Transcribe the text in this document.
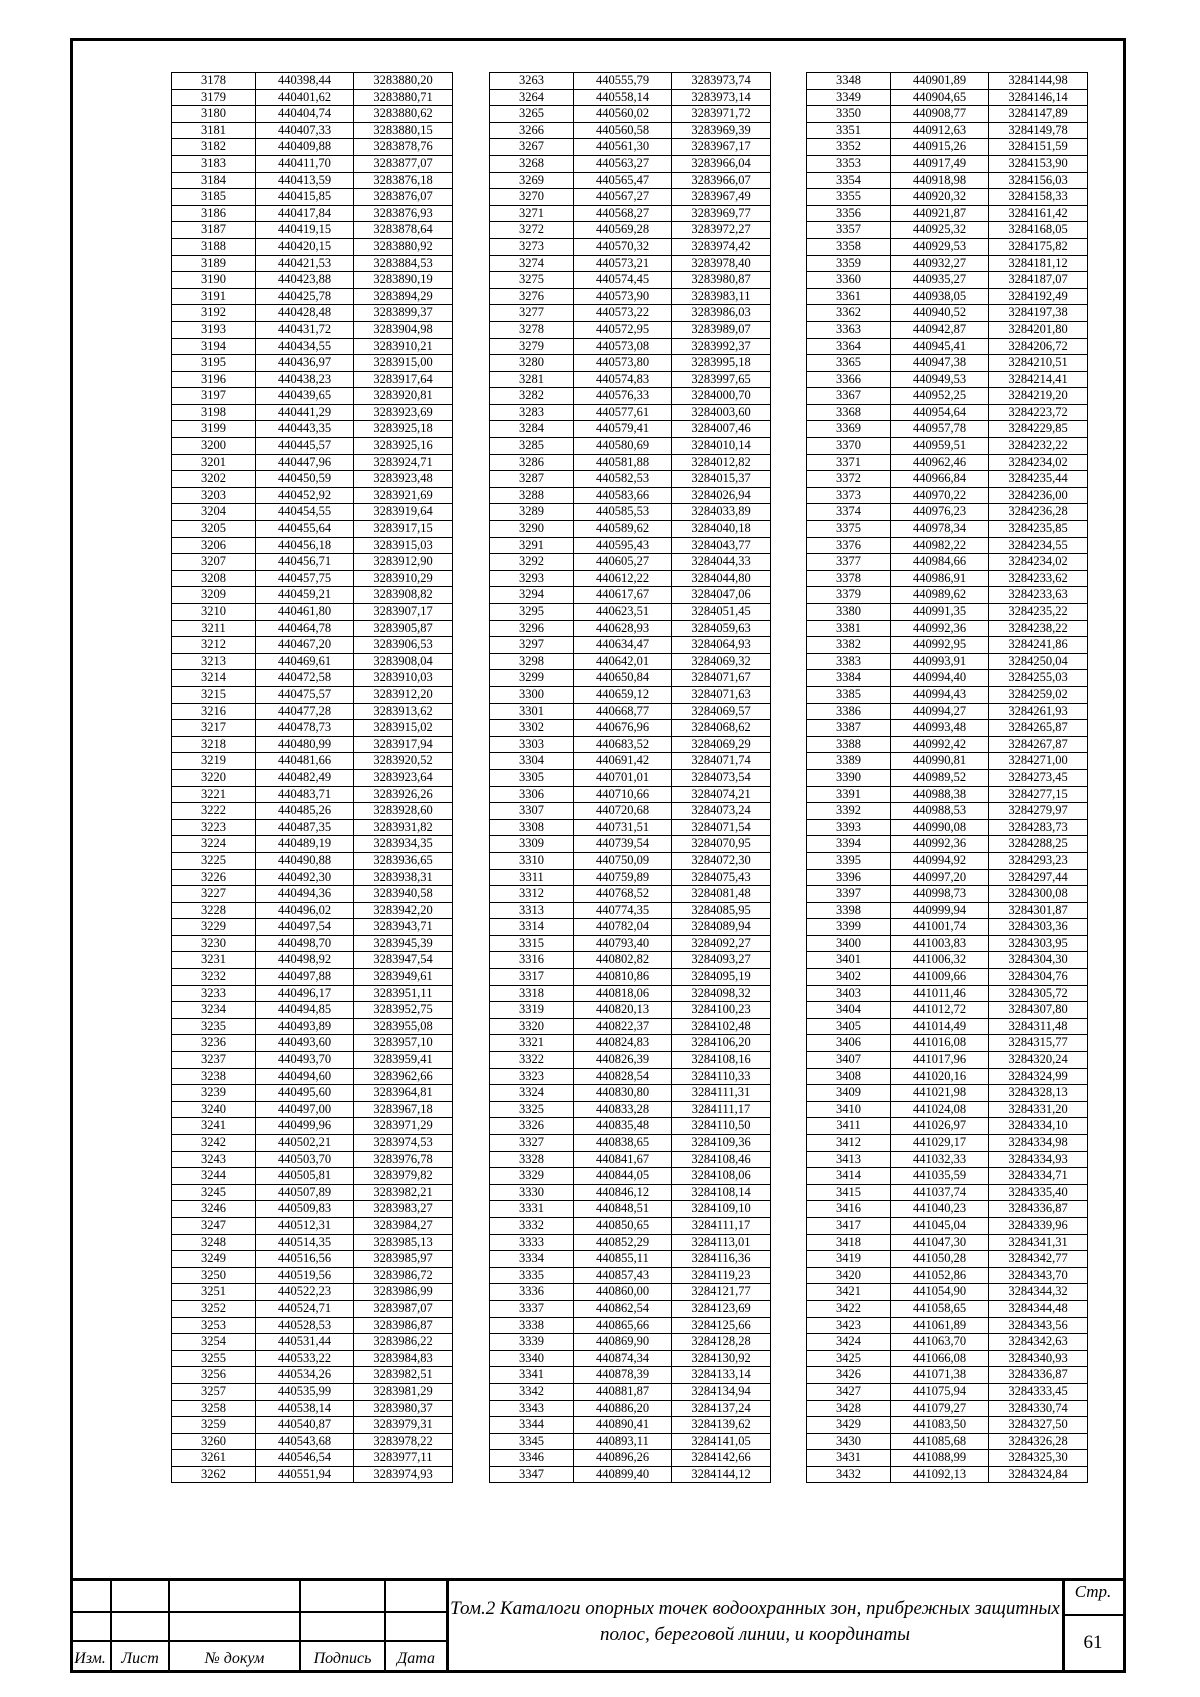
3178	440398,44	3283880,20
3179	440401,62	3283880,71
3180	440404,74	3283880,62
3181	440407,33	3283880,15
3182	440409,88	3283878,76
3183	440411,70	3283877,07
3184	440413,59	3283876,18
3185	440415,85	3283876,07
3186	440417,84	3283876,93
3187	440419,15	3283878,64
3188	440420,15	3283880,92
3189	440421,53	3283884,53
3190	440423,88	3283890,19
3191	440425,78	3283894,29
3192	440428,48	3283899,37
3193	440431,72	3283904,98
3194	440434,55	3283910,21
3195	440436,97	3283915,00
3196	440438,23	3283917,64
3197	440439,65	3283920,81
3198	440441,29	3283923,69
3199	440443,35	3283925,18
3200	440445,57	3283925,16
3201	440447,96	3283924,71
3202	440450,59	3283923,48
3203	440452,92	3283921,69
3204	440454,55	3283919,64
3205	440455,64	3283917,15
3206	440456,18	3283915,03
3207	440456,71	3283912,90
3208	440457,75	3283910,29
3209	440459,21	3283908,82
3210	440461,80	3283907,17
3211	440464,78	3283905,87
3212	440467,20	3283906,53
3213	440469,61	3283908,04
3214	440472,58	3283910,03
3215	440475,57	3283912,20
3216	440477,28	3283913,62
3217	440478,73	3283915,02
3218	440480,99	3283917,94
3219	440481,66	3283920,52
3220	440482,49	3283923,64
3221	440483,71	3283926,26
3222	440485,26	3283928,60
3223	440487,35	3283931,82
3224	440489,19	3283934,35
3225	440490,88	3283936,65
3226	440492,30	3283938,31
3227	440494,36	3283940,58
3228	440496,02	3283942,20
3229	440497,54	3283943,71
3230	440498,70	3283945,39
3231	440498,92	3283947,54
3232	440497,88	3283949,61
3233	440496,17	3283951,11
3234	440494,85	3283952,75
3235	440493,89	3283955,08
3236	440493,60	3283957,10
3237	440493,70	3283959,41
3238	440494,60	3283962,66
3239	440495,60	3283964,81
3240	440497,00	3283967,18
3241	440499,96	3283971,29
3242	440502,21	3283974,53
3243	440503,70	3283976,78
3244	440505,81	3283979,82
3245	440507,89	3283982,21
3246	440509,83	3283983,27
3247	440512,31	3283984,27
3248	440514,35	3283985,13
3249	440516,56	3283985,97
3250	440519,56	3283986,72
3251	440522,23	3283986,99
3252	440524,71	3283987,07
3253	440528,53	3283986,87
3254	440531,44	3283986,22
3255	440533,22	3283984,83
3256	440534,26	3283982,51
3257	440535,99	3283981,29
3258	440538,14	3283980,37
3259	440540,87	3283979,31
3260	440543,68	3283978,22
3261	440546,54	3283977,11
3262	440551,94	3283974,93
3263	440555,79	3283973,74
3264	440558,14	3283973,14
3265	440560,02	3283971,72
3266	440560,58	3283969,39
3267	440561,30	3283967,17
3268	440563,27	3283966,04
3269	440565,47	3283966,07
3270	440567,27	3283967,49
3271	440568,27	3283969,77
3272	440569,28	3283972,27
3273	440570,32	3283974,42
3274	440573,21	3283978,40
3275	440574,45	3283980,87
3276	440573,90	3283983,11
3277	440573,22	3283986,03
3278	440572,95	3283989,07
3279	440573,08	3283992,37
3280	440573,80	3283995,18
3281	440574,83	3283997,65
3282	440576,33	3284000,70
3283	440577,61	3284003,60
3284	440579,41	3284007,46
3285	440580,69	3284010,14
3286	440581,88	3284012,82
3287	440582,53	3284015,37
3288	440583,66	3284026,94
3289	440585,53	3284033,89
3290	440589,62	3284040,18
3291	440595,43	3284043,77
3292	440605,27	3284044,33
3293	440612,22	3284044,80
3294	440617,67	3284047,06
3295	440623,51	3284051,45
3296	440628,93	3284059,63
3297	440634,47	3284064,93
3298	440642,01	3284069,32
3299	440650,84	3284071,67
3300	440659,12	3284071,63
3301	440668,77	3284069,57
3302	440676,96	3284068,62
3303	440683,52	3284069,29
3304	440691,42	3284071,74
3305	440701,01	3284073,54
3306	440710,66	3284074,21
3307	440720,68	3284073,24
3308	440731,51	3284071,54
3309	440739,54	3284070,95
3310	440750,09	3284072,30
3311	440759,89	3284075,43
3312	440768,52	3284081,48
3313	440774,35	3284085,95
3314	440782,04	3284089,94
3315	440793,40	3284092,27
3316	440802,82	3284093,27
3317	440810,86	3284095,19
3318	440818,06	3284098,32
3319	440820,13	3284100,23
3320	440822,37	3284102,48
3321	440824,83	3284106,20
3322	440826,39	3284108,16
3323	440828,54	3284110,33
3324	440830,80	3284111,31
3325	440833,28	3284111,17
3326	440835,48	3284110,50
3327	440838,65	3284109,36
3328	440841,67	3284108,46
3329	440844,05	3284108,06
3330	440846,12	3284108,14
3331	440848,51	3284109,10
3332	440850,65	3284111,17
3333	440852,29	3284113,01
3334	440855,11	3284116,36
3335	440857,43	3284119,23
3336	440860,00	3284121,77
3337	440862,54	3284123,69
3338	440865,66	3284125,66
3339	440869,90	3284128,28
3340	440874,34	3284130,92
3341	440878,39	3284133,14
3342	440881,87	3284134,94
3343	440886,20	3284137,24
3344	440890,41	3284139,62
3345	440893,11	3284141,05
3346	440896,26	3284142,66
3347	440899,40	3284144,12
3348	440901,89	3284144,98
3349	440904,65	3284146,14
3350	440908,77	3284147,89
3351	440912,63	3284149,78
3352	440915,26	3284151,59
3353	440917,49	3284153,90
3354	440918,98	3284156,03
3355	440920,32	3284158,33
3356	440921,87	3284161,42
3357	440925,32	3284168,05
3358	440929,53	3284175,82
3359	440932,27	3284181,12
3360	440935,27	3284187,07
3361	440938,05	3284192,49
3362	440940,52	3284197,38
3363	440942,87	3284201,80
3364	440945,41	3284206,72
3365	440947,38	3284210,51
3366	440949,53	3284214,41
3367	440952,25	3284219,20
3368	440954,64	3284223,72
3369	440957,78	3284229,85
3370	440959,51	3284232,22
3371	440962,46	3284234,02
3372	440966,84	3284235,44
3373	440970,22	3284236,00
3374	440976,23	3284236,28
3375	440978,34	3284235,85
3376	440982,22	3284234,55
3377	440984,66	3284234,02
3378	440986,91	3284233,62
3379	440989,62	3284233,63
3380	440991,35	3284235,22
3381	440992,36	3284238,22
3382	440992,95	3284241,86
3383	440993,91	3284250,04
3384	440994,40	3284255,03
3385	440994,43	3284259,02
3386	440994,27	3284261,93
3387	440993,48	3284265,87
3388	440992,42	3284267,87
3389	440990,81	3284271,00
3390	440989,52	3284273,45
3391	440988,38	3284277,15
3392	440988,53	3284279,97
3393	440990,08	3284283,73
3394	440992,36	3284288,25
3395	440994,92	3284293,23
3396	440997,20	3284297,44
3397	440998,73	3284300,08
3398	440999,94	3284301,87
3399	441001,74	3284303,36
3400	441003,83	3284303,95
3401	441006,32	3284304,30
3402	441009,66	3284304,76
3403	441011,46	3284305,72
3404	441012,72	3284307,80
3405	441014,49	3284311,48
3406	441016,08	3284315,77
3407	441017,96	3284320,24
3408	441020,16	3284324,99
3409	441021,98	3284328,13
3410	441024,08	3284331,20
3411	441026,97	3284334,10
3412	441029,17	3284334,98
3413	441032,33	3284334,93
3414	441035,59	3284334,71
3415	441037,74	3284335,40
3416	441040,23	3284336,87
3417	441045,04	3284339,96
3418	441047,30	3284341,31
3419	441050,28	3284342,77
3420	441052,86	3284343,70
3421	441054,90	3284344,32
3422	441058,65	3284344,48
3423	441061,89	3284343,56
3424	441063,70	3284342,63
3425	441066,08	3284340,93
3426	441071,38	3284336,87
3427	441075,94	3284333,45
3428	441079,27	3284330,74
3429	441083,50	3284327,50
3430	441085,68	3284326,28
3431	441088,99	3284325,30
3432	441092,13	3284324,84
Изм. Лист	№ докум	Подпись	Дата
Том.2 Каталоги опорных точек водоохранных зон, прибрежных защитных полос, береговой линии, и координаты
Стр.
61
